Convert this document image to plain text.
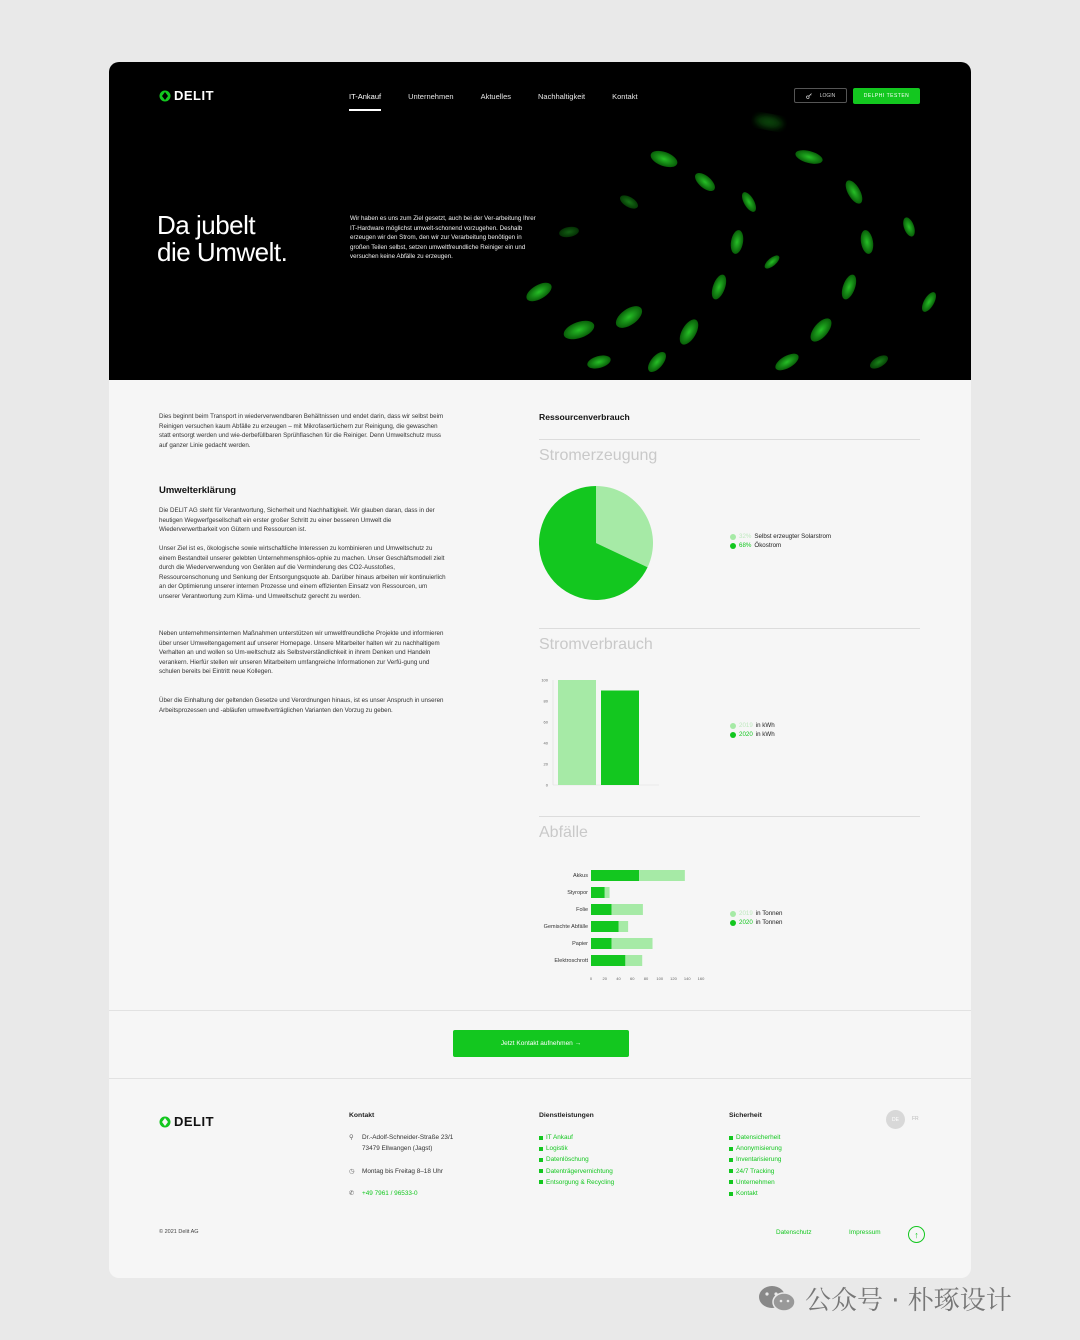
DELIT	IT-Ankauf	Unternehmen	Aktuelles	Nachhaltigkeit	Kontakt	LOGIN	DELPHI TESTEN
Da jubelt
die Umwelt.
Wir haben es uns zum Ziel gesetzt, auch bei der Ver-arbeitung Ihrer IT-Hardware möglichst umwelt-schonend vorzugehen. Deshalb erzeugen wir den Strom, den wir zur Verarbeitung benötigen in großen Teilen selbst, setzen umweltfreundliche Reiniger ein und versuchen keine Abfälle zu erzeugen.
Dies beginnt beim Transport in wiederverwendbaren Behältnissen und endet darin, dass wir selbst beim Reinigen versuchen kaum Abfälle zu erzeugen – mit Mikrofasertüchern zur Reinigung, die gewaschen statt entsorgt werden und wie-derbefüllbaren Sprühflaschen für die Reiniger. Denn Umweltschutz muss auf ganzer Linie gedacht werden.
Umwelterklärung

Die DELIT AG steht für Verantwortung, Sicherheit und Nachhaltigkeit. Wir glauben daran, dass in der heutigen Wegwerfgesellschaft ein erster großer Schritt zu einer besseren Umwelt die Wiederverwertbarkeit von Gütern und Ressourcen ist.

Unser Ziel ist es, ökologische sowie wirtschaftliche Interessen zu kombinieren und Umweltschutz zu einem Bestandteil unserer gelebten Unternehmensphilos-ophie zu machen. Unser Geschäftsmodell zielt durch die Wiederverwendung von Geräten auf die Verminderung des CO2-Ausstoßes, Ressourcenschonung und Senkung der Entsorgungsquote ab. Darüber hinaus arbeiten wir kontinuierlich an der Optimierung unserer internen Prozesse und einem effizienten Einsatz von Ressourcen, um unserer Verantwortung zum Klima- und Umweltschutz gerecht zu werden.

Neben unternehmensinternen Maßnahmen unterstützen wir umweltfreundliche Projekte und informieren über unser Umweltengagement auf unserer Homepage. Unsere Mitarbeiter halten wir zu nachhaltigem Verhalten an und wollen so Um-weltschutz als Selbstverständlichkeit in ihrem Denken und Handeln verankern. Hierfür stellen wir unseren Mitarbeitern umfangreiche Informationen zur Verfü-gung und schulen bereits bei Eintritt neue Kollegen.

Über die Einhaltung der geltenden Gesetze und Verordnungen hinaus, ist es unser Anspruch in unseren Arbeitsprozessen und -abläufen umweltverträglichen Varianten den Vorzug zu geben.

Ressourcenverbrauch
Stromerzeugung
32% Selbst erzeugter Solarstrom
68% Ökostrom
Stromverbrauch
0
20
40
60
80
100
2019 in kWh
2020 in kWh
Abfälle
Akkus
Styropor
Folie
Gemischte Abfälle
Papier
Elektroschrott
0	20 40 60 80 100 120 140 160
2019 in Tonnen
2020 in Tonnen
Jetzt Kontakt aufnehmen →
DELIT	Kontakt
⚲	Dr.-Adolf-Schneider-Straße 23/1
73479 Ellwangen (Jagst)
◷	Montag bis Freitag 8–18 Uhr
✆	+49 7961 / 96533-0
Dienstleistungen
IT Ankauf
Logistik
Datenlöschung
Datenträgervernichtung
Entsorgung & Recycling
Sicherheit
Datensicherheit
Anonymisierung
Inventarisierung
24/7 Tracking
Unternehmen
Kontakt
DE	FR
© 2021 Delit AG	Datenschutz	Impressum	↑
公众号 · 朴琢设计
